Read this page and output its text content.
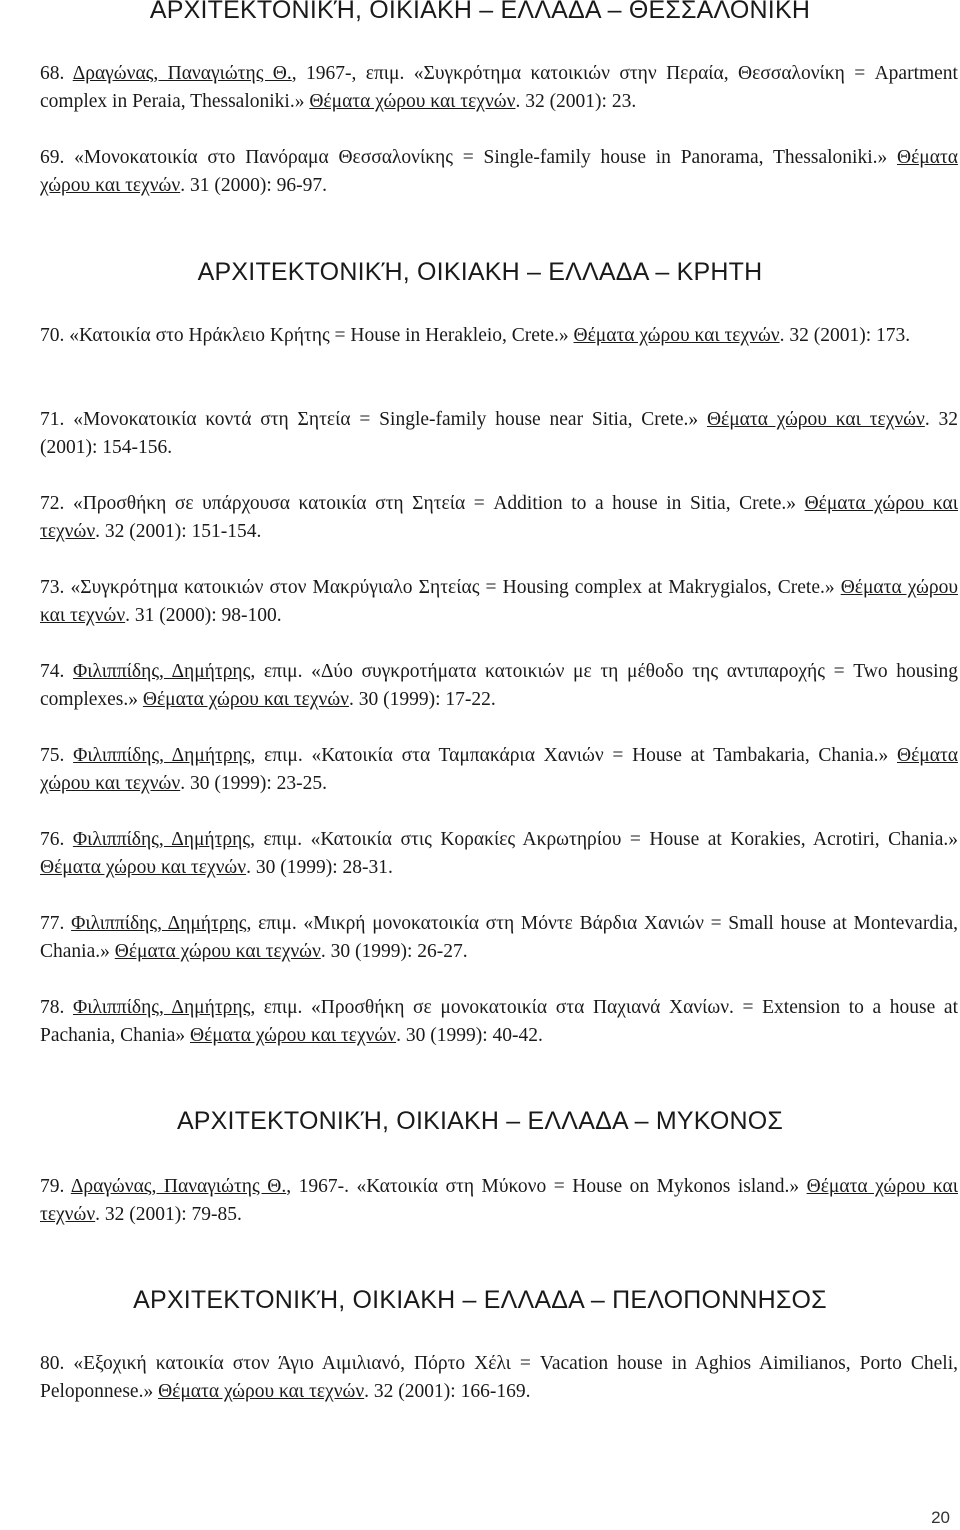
ΑΡΧΙΤΕΚΤΟΝΙΚΉ, ΟΙΚΙΑΚΗ – ΕΛΛΑΔΑ – ΘΕΣΣΑΛΟΝΙΚΗ
68. Δραγώνας, Παναγιώτης Θ., 1967-, επιμ. «Συγκρότημα κατοικιών στην Περαία, Θεσσαλονίκη = Apartment complex in Peraia, Thessaloniki.» Θέματα χώρου και τεχνών. 32 (2001): 23.
69. «Μονοκατοικία στο Πανόραμα Θεσσαλονίκης = Single-family house in Panorama, Thessaloniki.» Θέματα χώρου και τεχνών. 31 (2000): 96-97.
ΑΡΧΙΤΕΚΤΟΝΙΚΉ, ΟΙΚΙΑΚΗ – ΕΛΛΑΔΑ – ΚΡΗΤΗ
70. «Κατοικία στο Ηράκλειο Κρήτης = House in Herakleio, Crete.» Θέματα χώρου και τεχνών. 32 (2001): 173.
71. «Μονοκατοικία κοντά στη Σητεία = Single-family house near Sitia, Crete.» Θέματα χώρου και τεχνών. 32 (2001): 154-156.
72. «Προσθήκη σε υπάρχουσα κατοικία στη Σητεία = Addition to a house in Sitia, Crete.» Θέματα χώρου και τεχνών. 32 (2001): 151-154.
73. «Συγκρότημα κατοικιών στον Μακρύγιαλο Σητείας = Housing complex at Makrygialos, Crete.» Θέματα χώρου και τεχνών. 31 (2000): 98-100.
74. Φιλιππίδης, Δημήτρης, επιμ. «Δύο συγκροτήματα κατοικιών με τη μέθοδο της αντιπαροχής = Two housing complexes.» Θέματα χώρου και τεχνών. 30 (1999): 17-22.
75. Φιλιππίδης, Δημήτρης, επιμ. «Κατοικία στα Ταμπακάρια Χανιών = House at Tambakaria, Chania.» Θέματα χώρου και τεχνών. 30 (1999): 23-25.
76. Φιλιππίδης, Δημήτρης, επιμ. «Κατοικία στις Κορακίες Ακρωτηρίου = House at Korakies, Acrotiri, Chania.» Θέματα χώρου και τεχνών. 30 (1999): 28-31.
77. Φιλιππίδης, Δημήτρης, επιμ. «Μικρή μονοκατοικία στη Μόντε Βάρδια Χανιών = Small house at Montevardia, Chania.» Θέματα χώρου και τεχνών. 30 (1999): 26-27.
78. Φιλιππίδης, Δημήτρης, επιμ. «Προσθήκη σε μονοκατοικία στα Παχιανά Χανίων. = Extension to a house at Pachania, Chania» Θέματα χώρου και τεχνών. 30 (1999): 40-42.
ΑΡΧΙΤΕΚΤΟΝΙΚΉ, ΟΙΚΙΑΚΗ – ΕΛΛΑΔΑ – ΜΥΚΟΝΟΣ
79. Δραγώνας, Παναγιώτης Θ., 1967-. «Κατοικία στη Μύκονο = House on Mykonos island.» Θέματα χώρου και τεχνών. 32 (2001): 79-85.
ΑΡΧΙΤΕΚΤΟΝΙΚΉ, ΟΙΚΙΑΚΗ – ΕΛΛΑΔΑ – ΠΕΛΟΠΟΝΝΗΣΟΣ
80. «Εξοχική κατοικία στον Άγιο Αιμιλιανό, Πόρτο Χέλι = Vacation house in Aghios Aimilianos, Porto Cheli, Peloponnese.» Θέματα χώρου και τεχνών. 32 (2001): 166-169.
20
